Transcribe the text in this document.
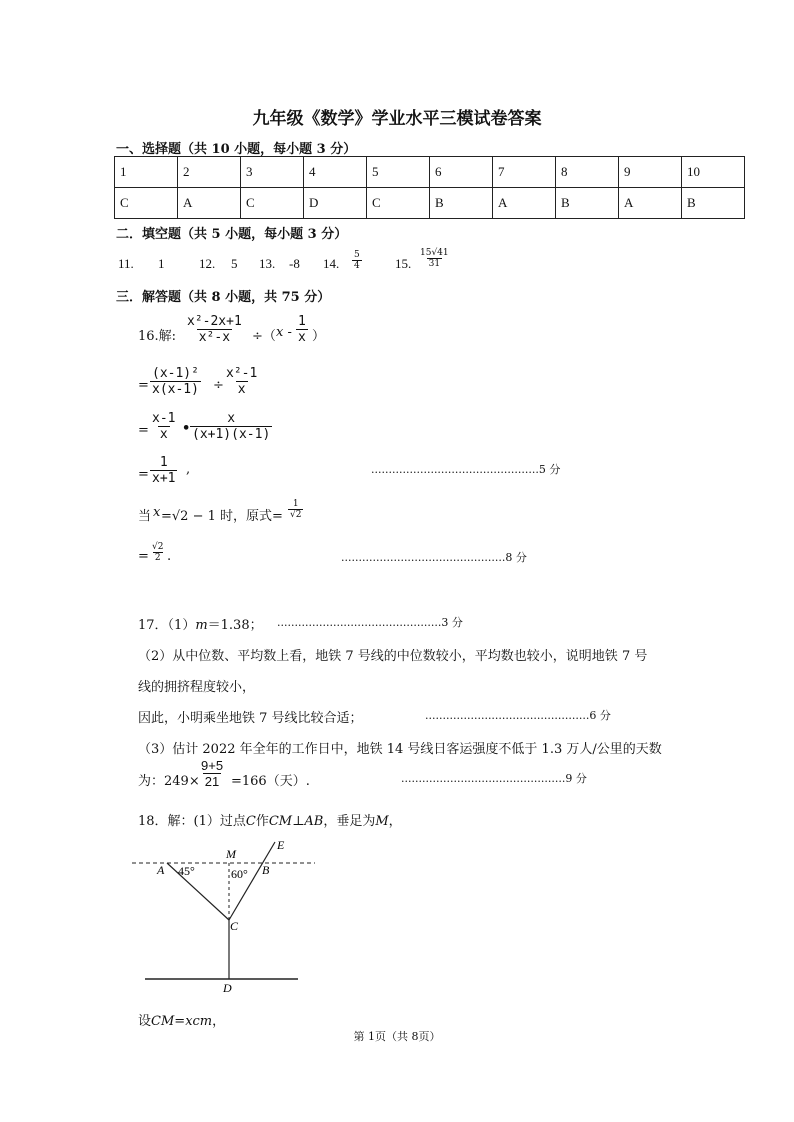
九年级《数学》学业水平三模试卷答案
一、选择题（共 10 小题，每小题 3 分）
1	2	3	4	5	6	7	8	9	10
C	A	C	D	C	B	A	B	A	B
二．填空题（共 5 小题，每小题 3 分）
11. 1	12. 5 13. -8 14. $\frac{5}{4}$	15. $\frac{15√41}{31}$
三．解答题（共 8 小题，共 75 分）
16.解: $\frac{\text{x²-2x+1}}{\text{x²-x}}$ ÷（ x - $\frac{1}{x}$ ）
= $\frac{\text{(x-1)²}}{x(x-1)} \div \frac{\text{x²-1}}{x}$
= $\frac{x-1}{x}$ • $\frac{x}{(x+1)(x-1)}$
= $\frac{1}{x+1}$ ,	................................................5 分
当 x =√2 − 1 时，原式= $\frac{1}{√2}$
= $\frac{√2}{2}$ .	...............................................8 分
17．（1）m＝1.38； ...............................................3 分
（2）从中位数、平均数上看，地铁 7 号线的中位数较小，平均数也较小，说明地铁 7 号
线的拥挤程度较小，
因此，小明乘坐地铁 7 号线比较合适；	...............................................6 分
（3）估计 2022 年全年的工作日中，地铁 14 号线日客运强度不低于 1.3 万人/公里的天数
为：$249\times \frac{9+5}{21} =166$（天）.	...............................................9 分
18．解：(1）过点C作CM⊥AB，垂足为M，
M
E
A	B
C
D
45°	60°
设CM=xcm，
第 1页（共 8页）
